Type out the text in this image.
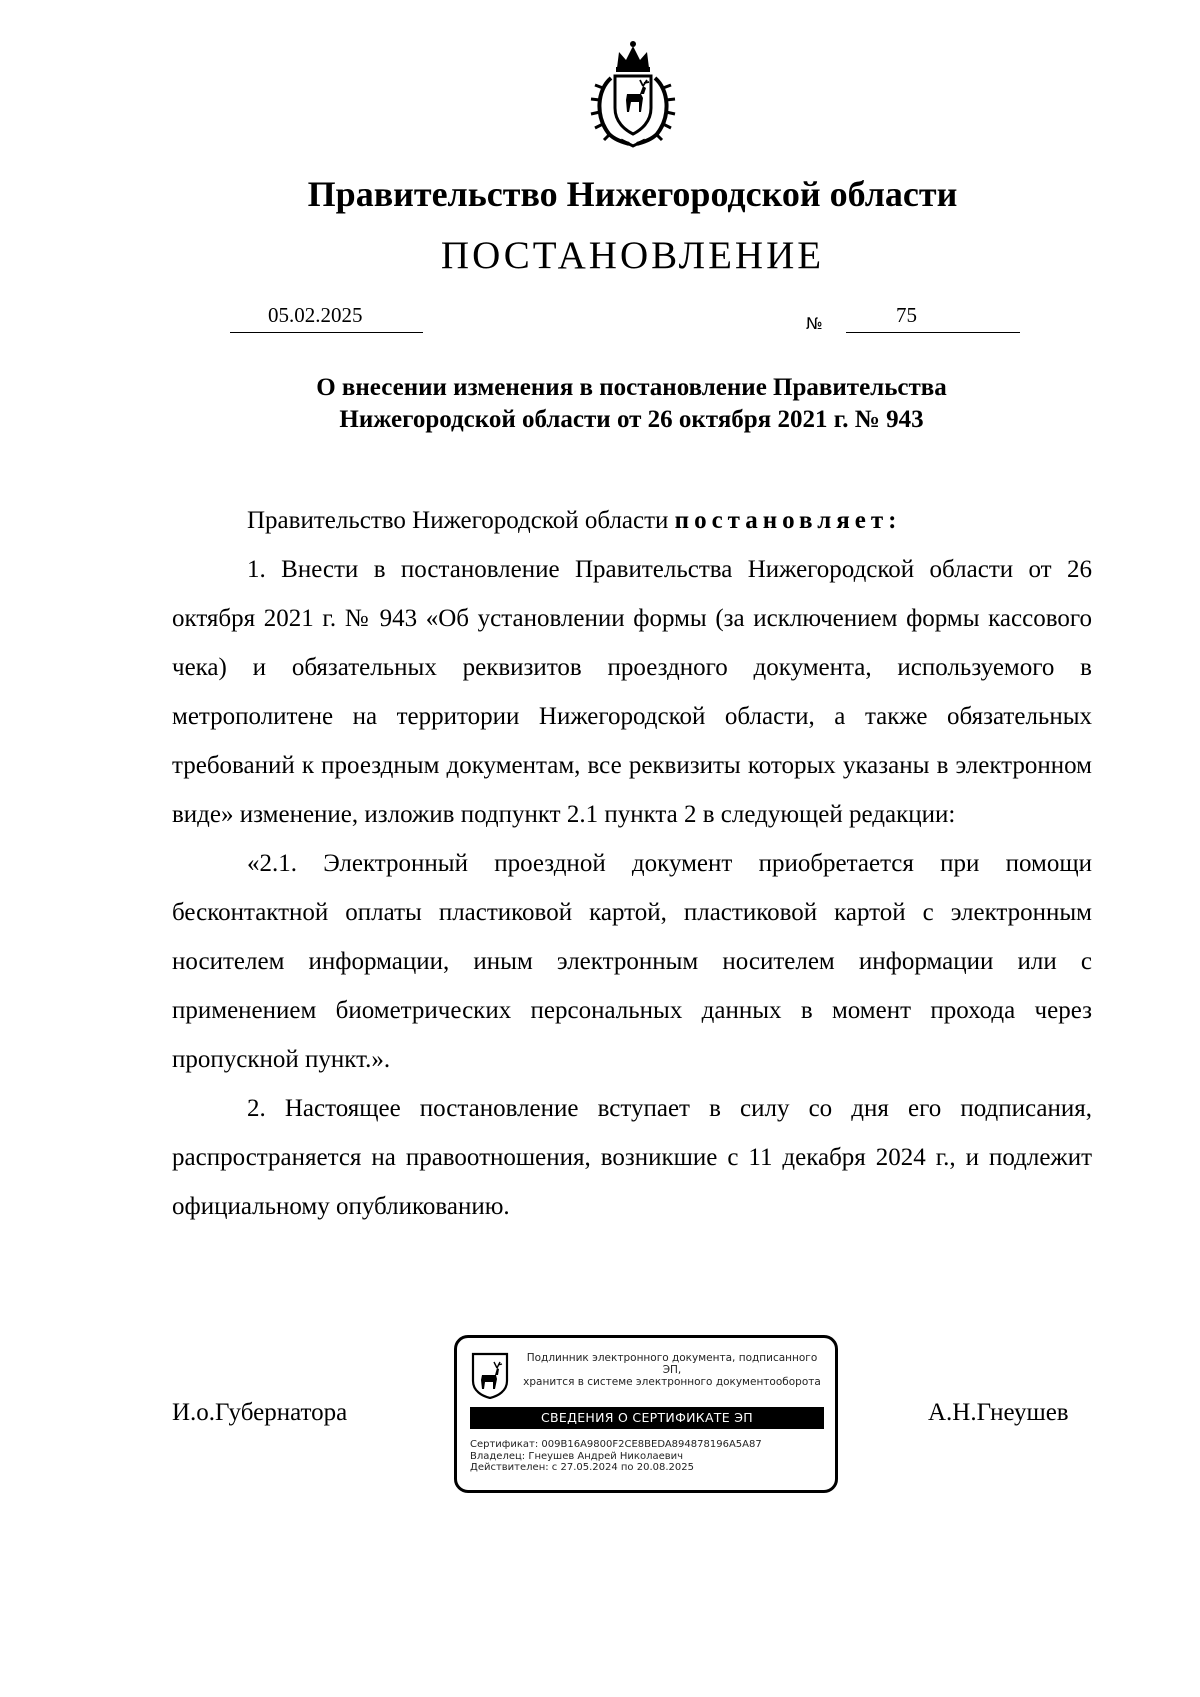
Правительство Нижегородской области
ПОСТАНОВЛЕНИЕ
05.02.2025	№	75
О внесении изменения в постановление Правительства
Нижегородской области от 26 октября 2021 г. № 943

Правительство Нижегородской области постановляет:

1. Внести в постановление Правительства Нижегородской области от 26 октября 2021 г. № 943 «Об установлении формы (за исключением формы кассового чека) и обязательных реквизитов проездного документа, используемого в метрополитене на территории Нижегородской области, а также обязательных требований к проездным документам, все реквизиты которых указаны в электронном виде» изменение, изложив подпункт 2.1 пункта 2 в следующей редакции:

«2.1. Электронный проездной документ приобретается при помощи бесконтактной оплаты пластиковой картой, пластиковой картой с электронным носителем информации, иным электронным носителем информации или с применением биометрических персональных данных в момент прохода через пропускной пункт.».

2. Настоящее постановление вступает в силу со дня его подписания, распространяется на правоотношения, возникшие с 11 декабря 2024 г., и подлежит официальному опубликованию.

И.о.Губернатора	А.Н.Гнеушев
Подлинник электронного документа, подписанного ЭП,
хранится в системе электронного документооборота
СВЕДЕНИЯ О СЕРТИФИКАТЕ ЭП
Сертификат: 009B16A9800F2CE8BEDA894878196A5A87
Владелец: Гнеушев Андрей Николаевич
Действителен: с 27.05.2024 по 20.08.2025
